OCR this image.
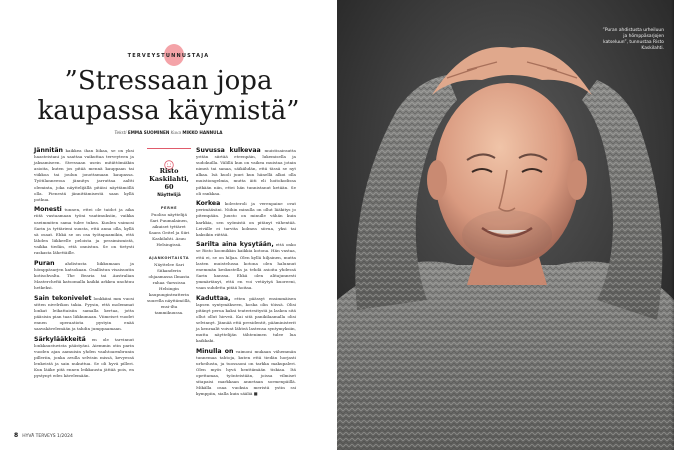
TERVEYSTUNNUSTAJA
”Stressaan jopa
kaupassa käymistä”
Teksti EMMA SUOMINEN Kuva MIKKO HANNULA

Jännitän kaikkea ihan liikaa, se on yksi haasteistani ja saattaa vaikuttaa terveyteen ja jaksamiseen. Stressaan usein mitättömiäkin asioita, kuten jos pitää mennä kauppaan tai viikkoa tai joulun jonottamaan kaupassa. Työtilanneessa jännitys jarruttaa aaltti oleminta, joka näyttelijällä pitäisi näyttämöllä olla. Pienestä jännittämisestä saan kyllä potkua.

Monesti tunnen, ettei ole taidot ja aika riitä vastaamaan työni vaatimuksiin, vaikka useimmiten sama tulee tukea. Kuulen vaimosi Sarin ja tyttärieni suusta, että anna olla, kyllä sä osaat. Ehkä se on osa työtapaamikin, että lähden liikkeelle peloista ja pessimismistä, vaikka tiedän, että onnistun. Se on tietysti raskasta lähettäille.

Puran	ahdistusta liikkumaan ja hömppäsarjen katsokaan. Osallistun visaisuutin kotisohvalta. The Bearia tai Australian Masterchefiä katsomalla kaikki arkkea unohtuu hetkeksi.

Sain tekonivelet lonkkiini mm vuosi sitten nivelrikon takia. Pyysin, että molemmat lonkat leikattaisiin samalla kertaa, jotta pääsisin pian taas liikkumaan. Viimeiset vuodet ennen operaatiota pystyin enää saavakävelemään ja tahdin jumppaamaan.

Särkylääkkeitä en ole tarvinnut lonkkaustuvista päästyäni. Aiemmin otin parin vuoden ajan aamuisin yhden vaahtoarmbrunin pilleriin, jonka avulla selvisin missä, kevyessä lenkeistä ja sain nukuttua. Se oli hyvä pilleri. Kun lääke pitä ennen leikkausta jättää pois, en pystynyt edes kävelemään.

Risto Kaskilahti,
60
Näyttelijä
PERHE
Puoliso näyttelijä Sari Puumalainen, aikuiset tyttäret Saara Geitel ja Siiri Kaskilahti. Asuu Helsingissä.
AJANKOHTAISTA
Näyttelee Sari Siikanderin ohjaamassa Ilmasta rahaa -farssissa Helsingin kaupunginteatterin suurella näyttämöllä, ensi-ilta tammikuussa.

Suvussa kulkevaa muistisairautta yritän siirtää eteenpäin, lukemisella ja sudokuilla. Välillä kun on vaikea muistaa jotain nimeä tai sanaa, säikähdän, että tässä se nyt alkaa. Isä kuoli juuri kun hänellä alkoi olla muistiongelmia, mutta äiti eli hoitokodissa pitkään niin, ettei hän tunnistanut ketään. Se oli rankkaa.

Korkea kolesteroli ja verenpaine ovat perimääsäni. Niihin minulla on ollut lääkitys jo pitempään. Juusto on minulle vähän kuin karkkia, sen syömistä on pitänyt vähentää. Leivälle ei tarvita kolmea siivua, yksi tai kaksikin riittää.

Sarilta aina kysytään, että onko se Risto koomikkin kaikkia kotona. Hän vastaa, että ei, se on hiljaa. Olen kyllä hiljainen, mutta lasten muistelussa kotona olen halunnut enemmän keskustella ja tehdä asioita yhdessä Sarin kanssa. Ehkä olen alitajunnesti ymmärtänyt, että en voi vetäytyä kuoreeni, vaan suhdetta pitää hoitaa.

Kaduttaa, etten päässyt ensimmäisen lapsen syntymäkseen, koska olin töissä. Olisi pitänyt perua kaksi teateriesitystä ja laskea sitä ollut ollut hirveä. Kai sitä panikilaamalla olisi selvinnyt. Jännää että presidentit, pääministerit ja kenraalit voivat lähteä lastensa syntymyksiin, mutta näyttelijän tähtenimen tulee lua kaikkaki.

Minulla on vaimoni mukaan vähemmän tunnemaa tahtoja, kuten että tiedän horjasti urheilusta, ja tuossaoni on tarkka makupaleri. Olen myös hyvä henttämään tiskiaa. Itä opettamaa, työnteistään, joissa vilmiset sitapaisi markkaan annetaan sormenpäillä. Mikälla osaa vuoksia meristä ystin ssi kymppiin, sialla kuin sääliä ■

8 HYVÄ TERVEYS 1/2024
”Puran ahdistusta urheiluun ja hömppäsarjojen katseluun”, tunnustaa Risto Kaskilahti.
